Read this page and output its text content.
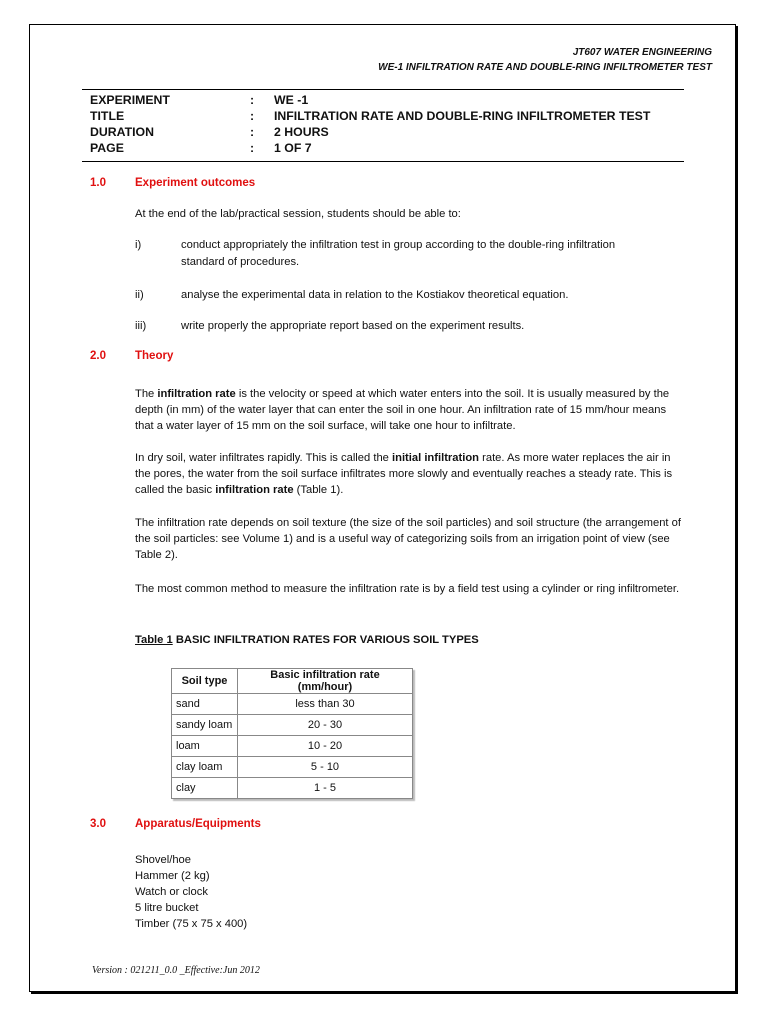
JT607 WATER ENGINEERING
WE-1 INFILTRATION RATE AND DOUBLE-RING INFILTROMETER TEST
EXPERIMENT	: WE -1
TITLE	: INFILTRATION RATE AND DOUBLE-RING INFILTROMETER TEST
DURATION	: 2 HOURS
PAGE	: 1 OF 7
1.0	Experiment outcomes
At the end of the lab/practical session, students should be able to:
i)	conduct appropriately the infiltration test in group according to the double-ring infiltration standard of procedures.
ii)	analyse the experimental data in relation to the Kostiakov theoretical equation.
iii)	write properly the appropriate report based on the experiment results.
2.0	Theory
The infiltration rate is the velocity or speed at which water enters into the soil. It is usually measured by the depth (in mm) of the water layer that can enter the soil in one hour. An infiltration rate of 15 mm/hour means that a water layer of 15 mm on the soil surface, will take one hour to infiltrate.
In dry soil, water infiltrates rapidly. This is called the initial infiltration rate. As more water replaces the air in the pores, the water from the soil surface infiltrates more slowly and eventually reaches a steady rate. This is called the basic infiltration rate (Table 1).
The infiltration rate depends on soil texture (the size of the soil particles) and soil structure (the arrangement of the soil particles: see Volume 1) and is a useful way of categorizing soils from an irrigation point of view (see Table 2).
The most common method to measure the infiltration rate is by a field test using a cylinder or ring infiltrometer.
Table 1 BASIC INFILTRATION RATES FOR VARIOUS SOIL TYPES
Soil type	Basic infiltration rate (mm/hour)
sand	less than 30
sandy loam	20 - 30
loam	10 - 20
clay loam	5 - 10
clay	1 - 5
3.0	Apparatus/Equipments
Shovel/hoe
Hammer (2 kg)
Watch or clock
5 litre bucket
Timber (75 x 75 x 400)
Version : 021211_0.0 _Effective:Jun 2012
